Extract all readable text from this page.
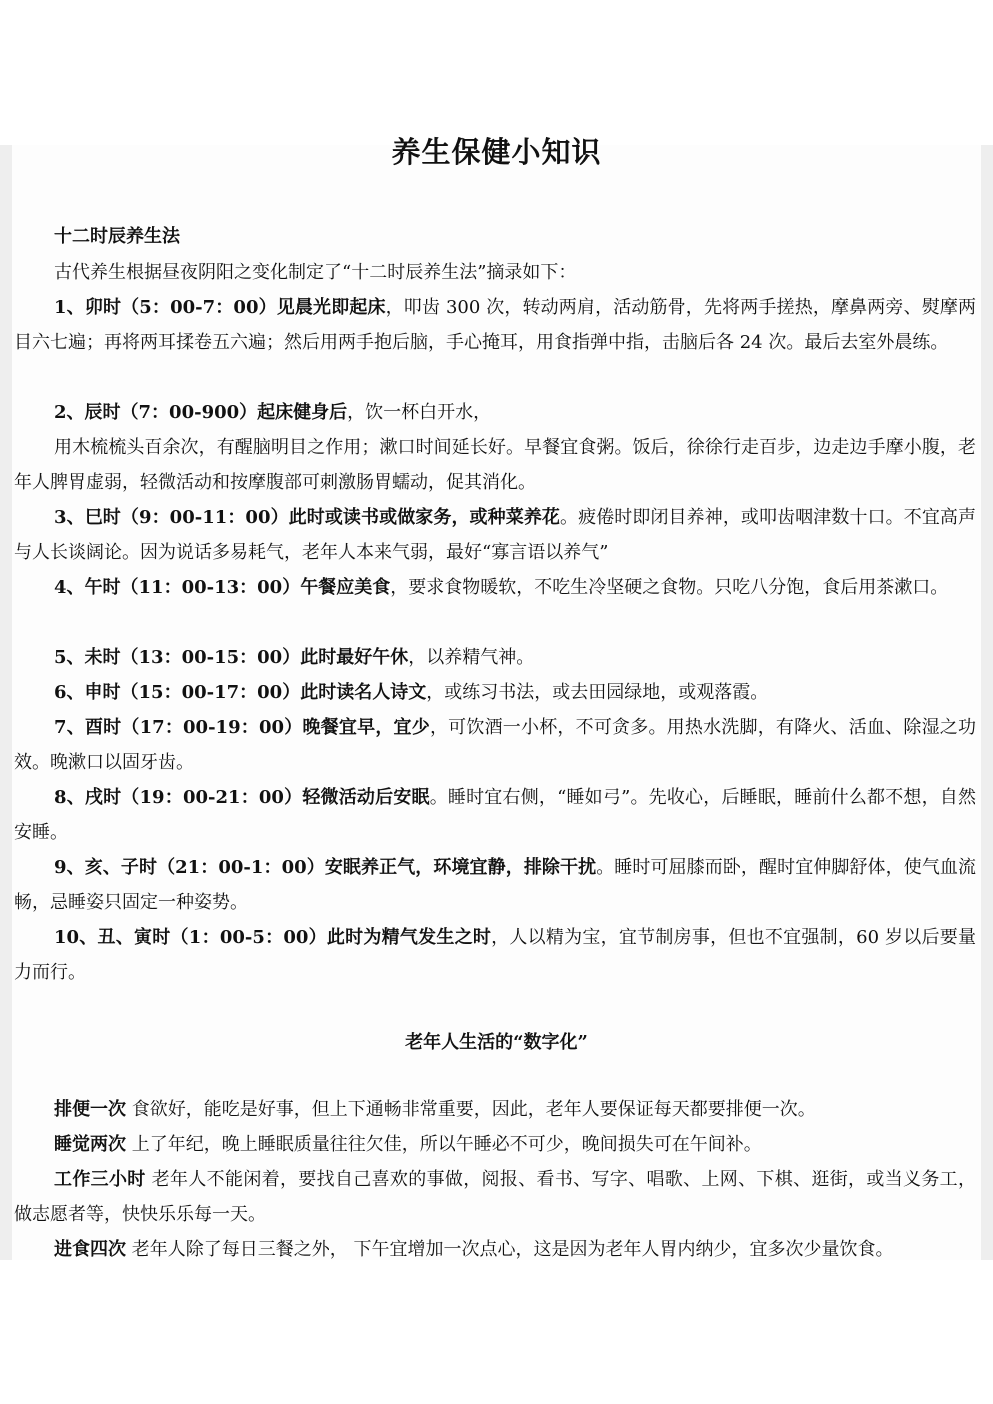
养生保健小知识
十二时辰养生法

古代养生根据昼夜阴阳之变化制定了“十二时辰养生法”摘录如下：

1、卯时（5：00-7：00）见晨光即起床，叩齿 300 次，转动两肩，活动筋骨，先将两手搓热，摩鼻两旁、熨摩两目六七遍；再将两耳揉卷五六遍；然后用两手抱后脑，手心掩耳，用食指弹中指，击脑后各 24 次。最后去室外晨练。

2、辰时（7：00-900）起床健身后，饮一杯白开水，

用木梳梳头百余次，有醒脑明目之作用；漱口时间延长好。早餐宜食粥。饭后，徐徐行走百步，边走边手摩小腹，老年人脾胃虚弱，轻微活动和按摩腹部可刺激肠胃蠕动，促其消化。

3、巳时（9：00-11：00）此时或读书或做家务，或种菜养花。疲倦时即闭目养神，或叩齿咽津数十口。不宜高声与人长谈阔论。因为说话多易耗气，老年人本来气弱，最好“寡言语以养气”

4、午时（11：00-13：00）午餐应美食，要求食物暖软，不吃生冷坚硬之食物。只吃八分饱，食后用茶漱口。

5、未时（13：00-15：00）此时最好午休，以养精气神。

6、申时（15：00-17：00）此时读名人诗文，或练习书法，或去田园绿地，或观落霞。

7、酉时（17：00-19：00）晚餐宜早，宜少，可饮酒一小杯，不可贪多。用热水洗脚，有降火、活血、除湿之功效。晚漱口以固牙齿。

8、戌时（19：00-21：00）轻微活动后安眠。睡时宜右侧，“睡如弓”。先收心，后睡眠，睡前什么都不想，自然安睡。

9、亥、子时（21：00-1：00）安眠养正气，环境宜静，排除干扰。睡时可屈膝而卧，醒时宜伸脚舒体，使气血流畅，忌睡姿只固定一种姿势。

10、丑、寅时（1：00-5：00）此时为精气发生之时，人以精为宝，宜节制房事，但也不宜强制，60 岁以后要量力而行。

老年人生活的“数字化”

排便一次 食欲好，能吃是好事，但上下通畅非常重要，因此，老年人要保证每天都要排便一次。

睡觉两次 上了年纪，晚上睡眠质量往往欠佳，所以午睡必不可少，晚间损失可在午间补。

工作三小时 老年人不能闲着，要找自己喜欢的事做，阅报、看书、写字、唱歌、上网、下棋、逛街，或当义务工，做志愿者等，快快乐乐每一天。

进食四次 老年人除了每日三餐之外， 下午宜增加一次点心，这是因为老年人胃内纳少，宜多次少量饮食。
